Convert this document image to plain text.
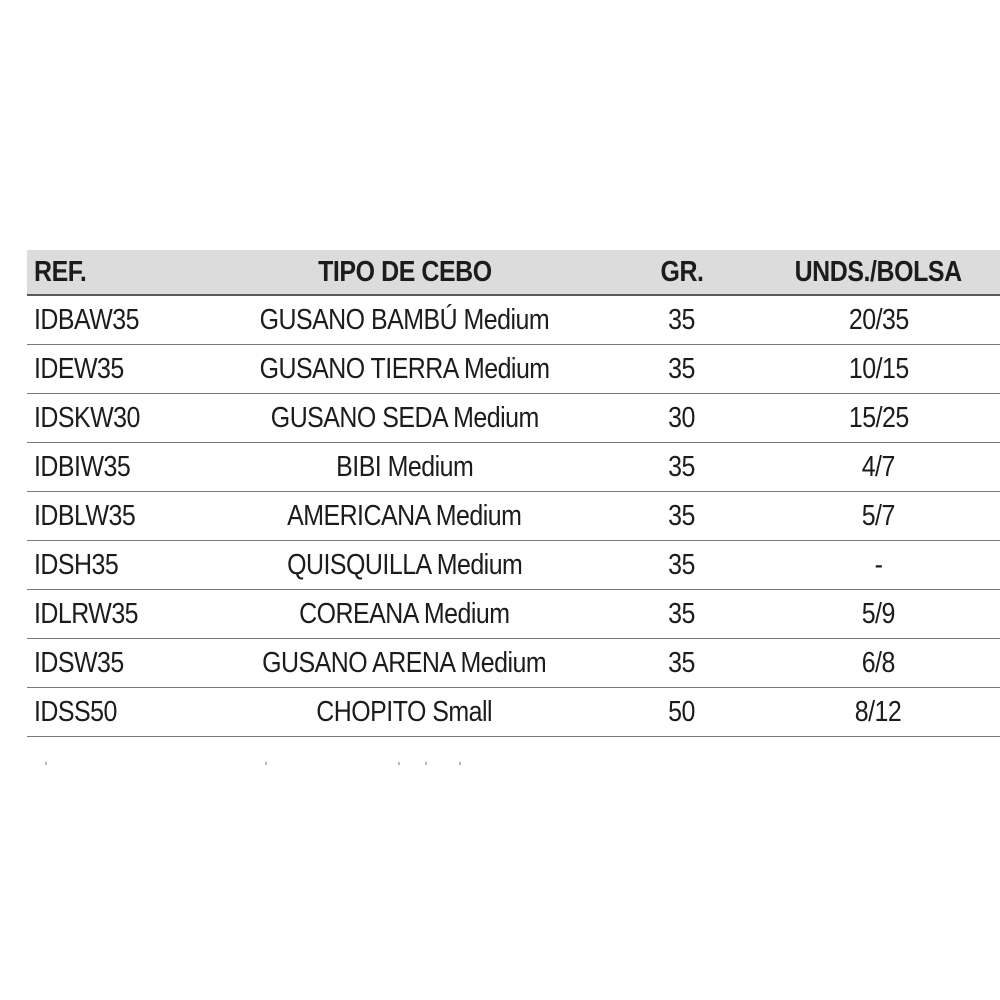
REF.	TIPO DE CEBO	GR.	UNDS./BOLSA
IDBAW35	GUSANO BAMBÚ Medium	35	20/35
IDEW35	GUSANO TIERRA Medium	35	10/15
IDSKW30	GUSANO SEDA Medium	30	15/25
IDBIW35	BIBI Medium	35	4/7
IDBLW35	AMERICANA Medium	35	5/7
IDSH35	QUISQUILLA Medium	35	-
IDLRW35	COREANA Medium	35	5/9
IDSW35	GUSANO ARENA Medium	35	6/8
IDSS50	CHOPITO Small	50	8/12
